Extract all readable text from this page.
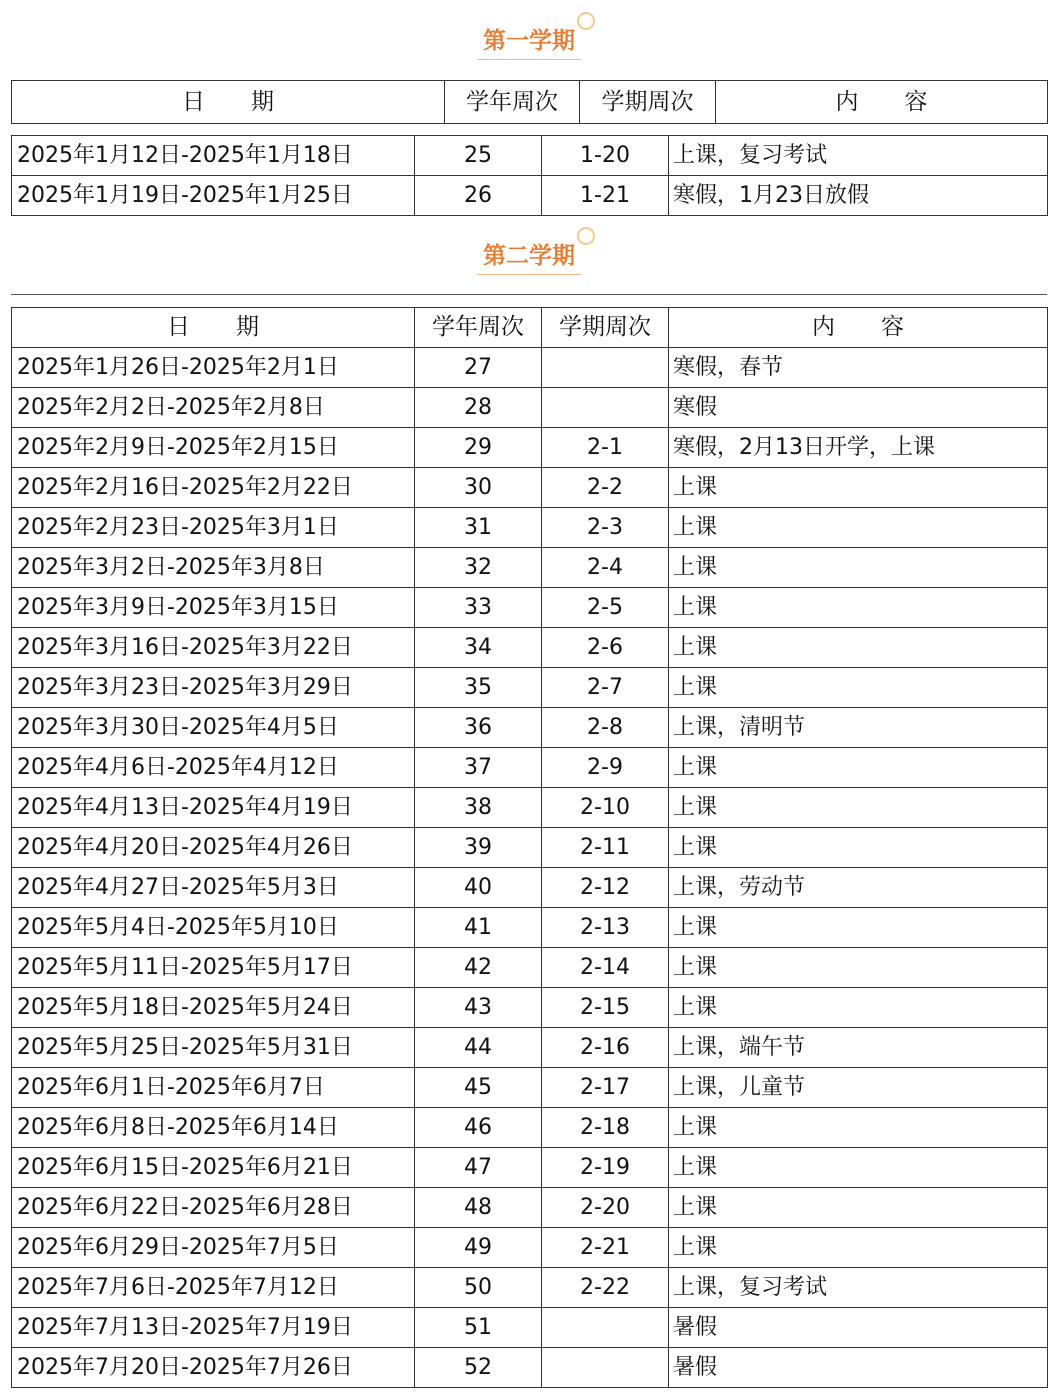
第一学期
日　　期	学年周次	学期周次	内　　容
2025年1月12日-2025年1月18日	25	1-20	上课，复习考试
2025年1月19日-2025年1月25日	26	1-21	寒假，1月23日放假
第二学期
日　　期	学年周次	学期周次	内　　容
2025年1月26日-2025年2月1日	27		寒假，春节
2025年2月2日-2025年2月8日	28		寒假
2025年2月9日-2025年2月15日	29	2-1	寒假，2月13日开学，上课
2025年2月16日-2025年2月22日	30	2-2	上课
2025年2月23日-2025年3月1日	31	2-3	上课
2025年3月2日-2025年3月8日	32	2-4	上课
2025年3月9日-2025年3月15日	33	2-5	上课
2025年3月16日-2025年3月22日	34	2-6	上课
2025年3月23日-2025年3月29日	35	2-7	上课
2025年3月30日-2025年4月5日	36	2-8	上课，清明节
2025年4月6日-2025年4月12日	37	2-9	上课
2025年4月13日-2025年4月19日	38	2-10	上课
2025年4月20日-2025年4月26日	39	2-11	上课
2025年4月27日-2025年5月3日	40	2-12	上课，劳动节
2025年5月4日-2025年5月10日	41	2-13	上课
2025年5月11日-2025年5月17日	42	2-14	上课
2025年5月18日-2025年5月24日	43	2-15	上课
2025年5月25日-2025年5月31日	44	2-16	上课，端午节
2025年6月1日-2025年6月7日	45	2-17	上课，儿童节
2025年6月8日-2025年6月14日	46	2-18	上课
2025年6月15日-2025年6月21日	47	2-19	上课
2025年6月22日-2025年6月28日	48	2-20	上课
2025年6月29日-2025年7月5日	49	2-21	上课
2025年7月6日-2025年7月12日	50	2-22	上课，复习考试
2025年7月13日-2025年7月19日	51		暑假
2025年7月20日-2025年7月26日	52		暑假
